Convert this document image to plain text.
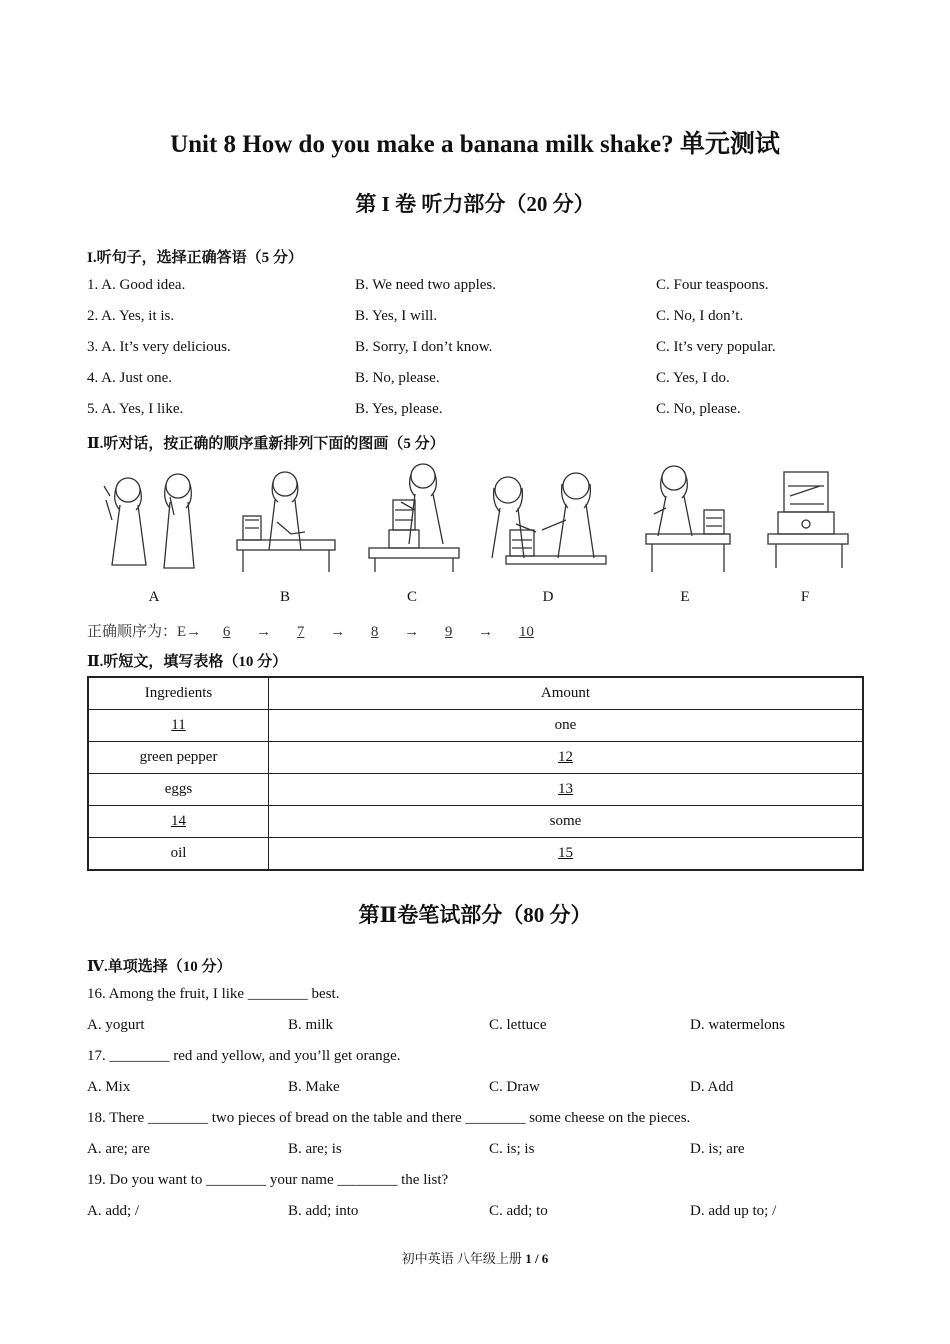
Unit 8 How do you make a banana milk shake? 单元测试
第 I 卷 听力部分（20 分）
I.听句子，选择正确答语（5 分）
1. A. Good idea.	B. We need two apples.	C. Four teaspoons.
2. A. Yes, it is.	B. Yes, I will.	C. No, I don’t.
3. A. It’s very delicious.	B. Sorry, I don’t know.	C. It’s very popular.
4. A. Just one.	B. No, please.	C. Yes, I do.
5. A. Yes, I like.	B. Yes, please.	C. No, please.
Ⅱ.听对话，按正确的顺序重新排列下面的图画（5 分）
A	B	C	D	E	F
正确顺序为：E→ 6 → 7 → 8 → 9 → 10
Ⅱ.听短文，填写表格（10 分）
Ingredients	Amount
11	one
green pepper	12
eggs	13
14	some
oil	15
第Ⅱ卷笔试部分（80 分）
Ⅳ.单项选择（10 分）
16. Among the fruit, I like ________ best.
A. yogurt	B. milk	C. lettuce	D. watermelons
17. ________ red and yellow, and you’ll get orange.
A. Mix	B. Make	C. Draw	D. Add
18. There ________ two pieces of bread on the table and there ________ some cheese on the pieces.
A. are; are	B. are; is	C. is; is	D. is; are
19. Do you want to ________ your name ________ the list?
A. add; /	B. add; into	C. add; to	D. add up to; /
初中英语 八年级上册 1 / 6
